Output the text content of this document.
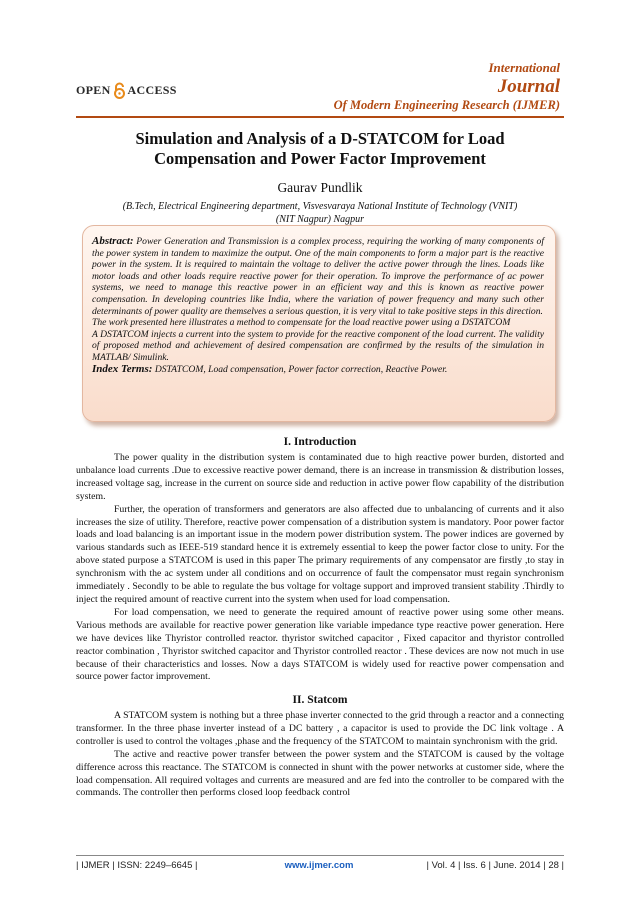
OPEN ACCESS
International
Journal
Of Modern Engineering Research (IJMER)
Simulation and Analysis of a D-STATCOM for Load
Compensation and Power Factor Improvement
Gaurav Pundlik
(B.Tech, Electrical Engineering department, Visvesvaraya National Institute of Technology (VNIT)
(NIT Nagpur) Nagpur

Abstract: Power Generation and Transmission is a complex process, requiring the working of many components of the power system in tandem to maximize the output. One of the main components to form a major part is the reactive power in the system. It is required to maintain the voltage to deliver the active power through the lines. Loads like motor loads and other loads require reactive power for their operation. To improve the performance of ac power systems, we need to manage this reactive power in an efficient way and this is known as reactive power compensation. In developing countries like India, where the variation of power frequency and many such other determinants of power quality are themselves a serious question, it is very vital to take positive steps in this direction.

The work presented here illustrates a method to compensate for the load reactive power using a DSTATCOM

A DSTATCOM injects a current into the system to provide for the reactive component of the load current. The validity of proposed method and achievement of desired compensation are confirmed by the results of the simulation in MATLAB/ Simulink.

Index Terms: DSTATCOM, Load compensation, Power factor correction, Reactive Power.

I. Introduction

The power quality in the distribution system is contaminated due to high reactive power burden, distorted and unbalance load currents .Due to excessive reactive power demand, there is an increase in transmission & distribution losses, increased voltage sag, increase in the current on source side and reduction in active power flow capability of the distribution system.

Further, the operation of transformers and generators are also affected due to unbalancing of currents and it also increases the size of utility. Therefore, reactive power compensation of a distribution system is mandatory. Poor power factor loads and load balancing is an important issue in the modern power distribution system. The power indices are governed by various standards such as IEEE-519 standard hence it is extremely essential to keep the power factor close to unity. For the above stated purpose a STATCOM is used in this paper The primary requirements of any compensator are firstly ,to stay in synchronism with the ac system under all conditions and on occurrence of fault the compensator must regain synchronism immediately . Secondly to be able to regulate the bus voltage for voltage support and improved transient stability .Thirdly to inject the required amount of reactive current into the system when used for load compensation.

For load compensation, we need to generate the required amount of reactive power using some other means. Various methods are available for reactive power generation like variable impedance type reactive power generation. Here we have devices like Thyristor controlled reactor. thyristor switched capacitor , Fixed capacitor and thyristor controlled reactor combination , Thyristor switched capacitor and Thyristor controlled reactor . These devices are now not much in use because of their characteristics and losses. Now a days STATCOM is widely used for reactive power compensation and source power factor improvement.

II. Statcom

A STATCOM system is nothing but a three phase inverter connected to the grid through a reactor and a connecting transformer. In the three phase inverter instead of a DC battery , a capacitor is used to provide the DC link voltage . A controller is used to control the voltages ,phase and the frequency of the STATCOM to maintain synchronism with the grid.

The active and reactive power transfer between the power system and the STATCOM is caused by the voltage difference across this reactance. The STATCOM is connected in shunt with the power networks at customer side, where the load compensation. All required voltages and currents are measured and are fed into the controller to be compared with the commands. The controller then performs closed loop feedback control

| IJMER | ISSN: 2249–6645 |	www.ijmer.com	| Vol. 4 | Iss. 6 | June. 2014 | 28 |
